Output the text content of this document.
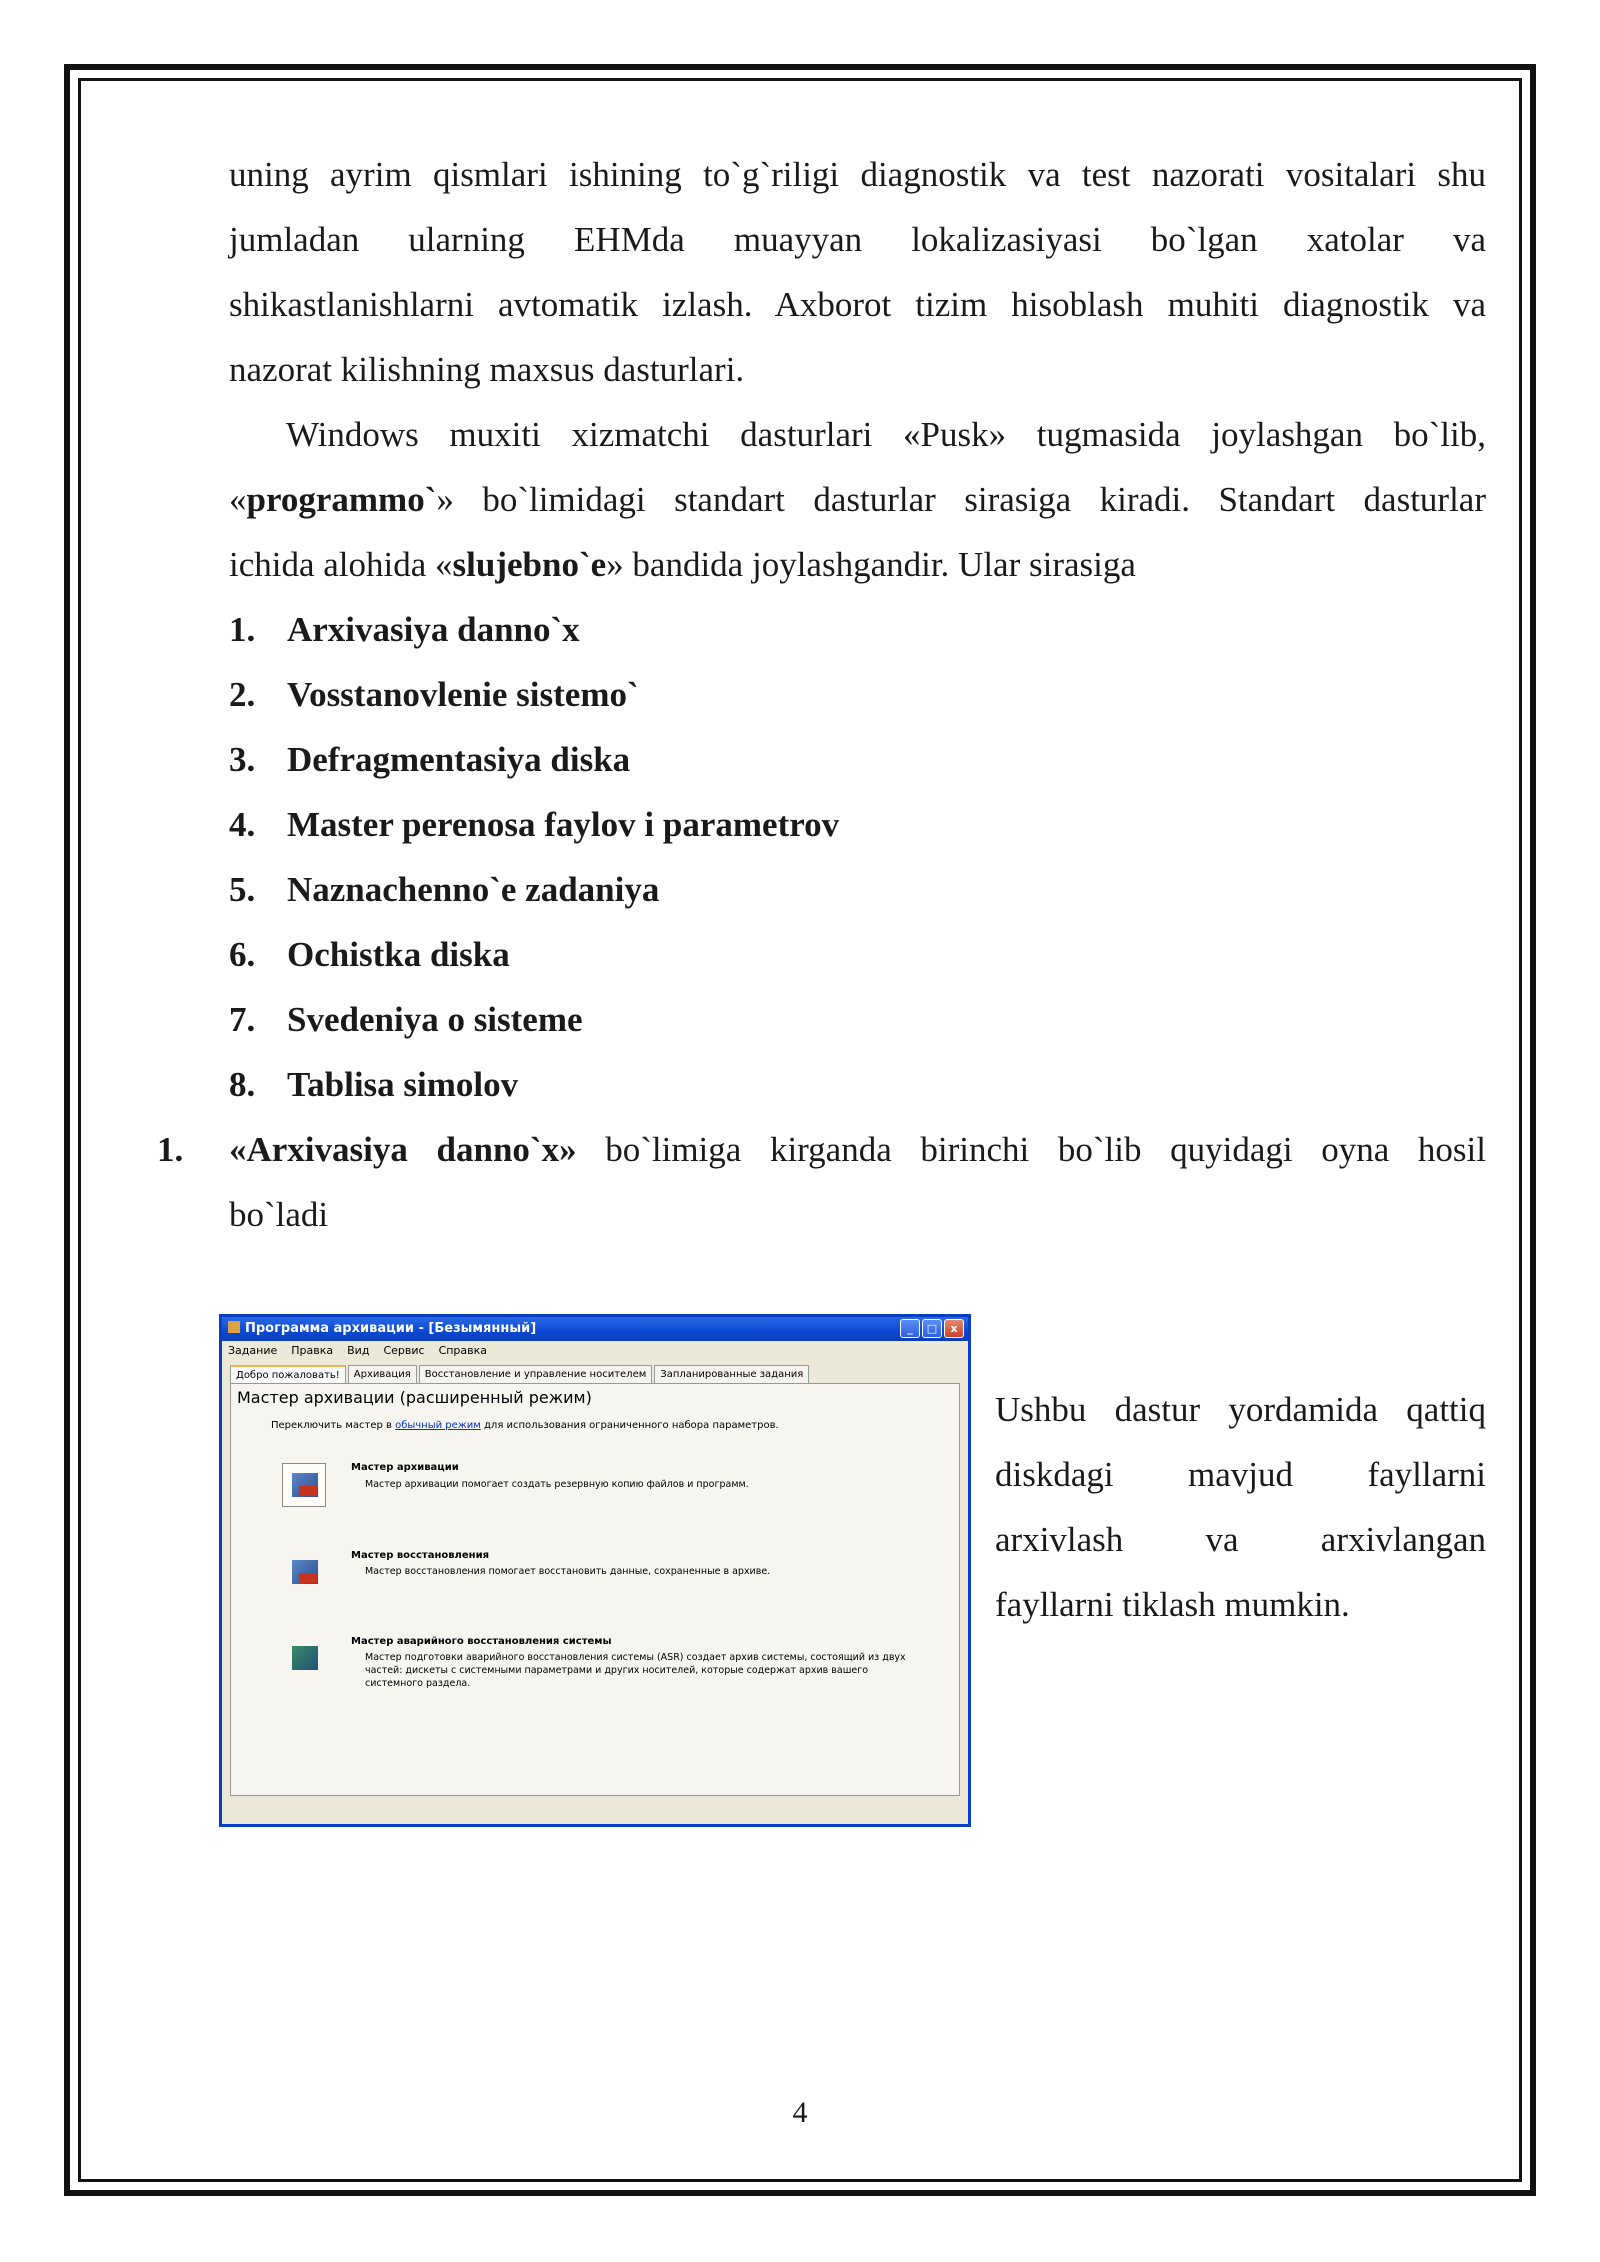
uning ayrim qismlari ishining to`g`riligi diagnostik va test nazorati vositalari shu
jumladan ularning EHMda muayyan lokalizasiyasi bo`lgan xatolar va
shikastlanishlarni avtomatik izlash. Axborot tizim hisoblash muhiti diagnostik va
nazorat kilishning maxsus dasturlari.
Windows muxiti xizmatchi dasturlari «Pusk» tugmasida joylashgan bo`lib,
«programmo`» bo`limidagi standart dasturlar sirasiga kiradi. Standart dasturlar
ichida alohida «slujebno`e» bandida joylashgandir. Ular sirasiga
1. Arxivasiya danno`x
2. Vosstanovlenie sistemo`
3. Defragmentasiya diska
4. Master perenosa faylov i parametrov
5. Naznachenno`e zadaniya
6. Ochistka diska
7. Svedeniya o sisteme
8. Tablisa simolov
1. «Arxivasiya danno`x» bo`limiga kirganda birinchi bo`lib quyidagi oyna hosil
bo`ladi
Программа архивации - [Безымянный]	_	□	x
Задание Правка Вид Сервис Справка
Добро пожаловать!	Архивация	Восстановление и управление носителем	Запланированные задания
Мастер архивации (расширенный режим)
Переключить мастер в обычный режим для использования ограниченного набора параметров.
Мастер архивации
Мастер архивации помогает создать резервную копию файлов и программ.
Мастер восстановления
Мастер восстановления помогает восстановить данные, сохраненные в архиве.
Мастер аварийного восстановления системы
Мастер подготовки аварийного восстановления системы (ASR) создает архив системы, состоящий из двух частей: дискеты с системными параметрами и других носителей, которые содержат архив вашего системного раздела.
Ushbu dastur yordamida qattiq
diskdagi mavjud fayllarni
arxivlash va arxivlangan
fayllarni tiklash mumkin.
4
